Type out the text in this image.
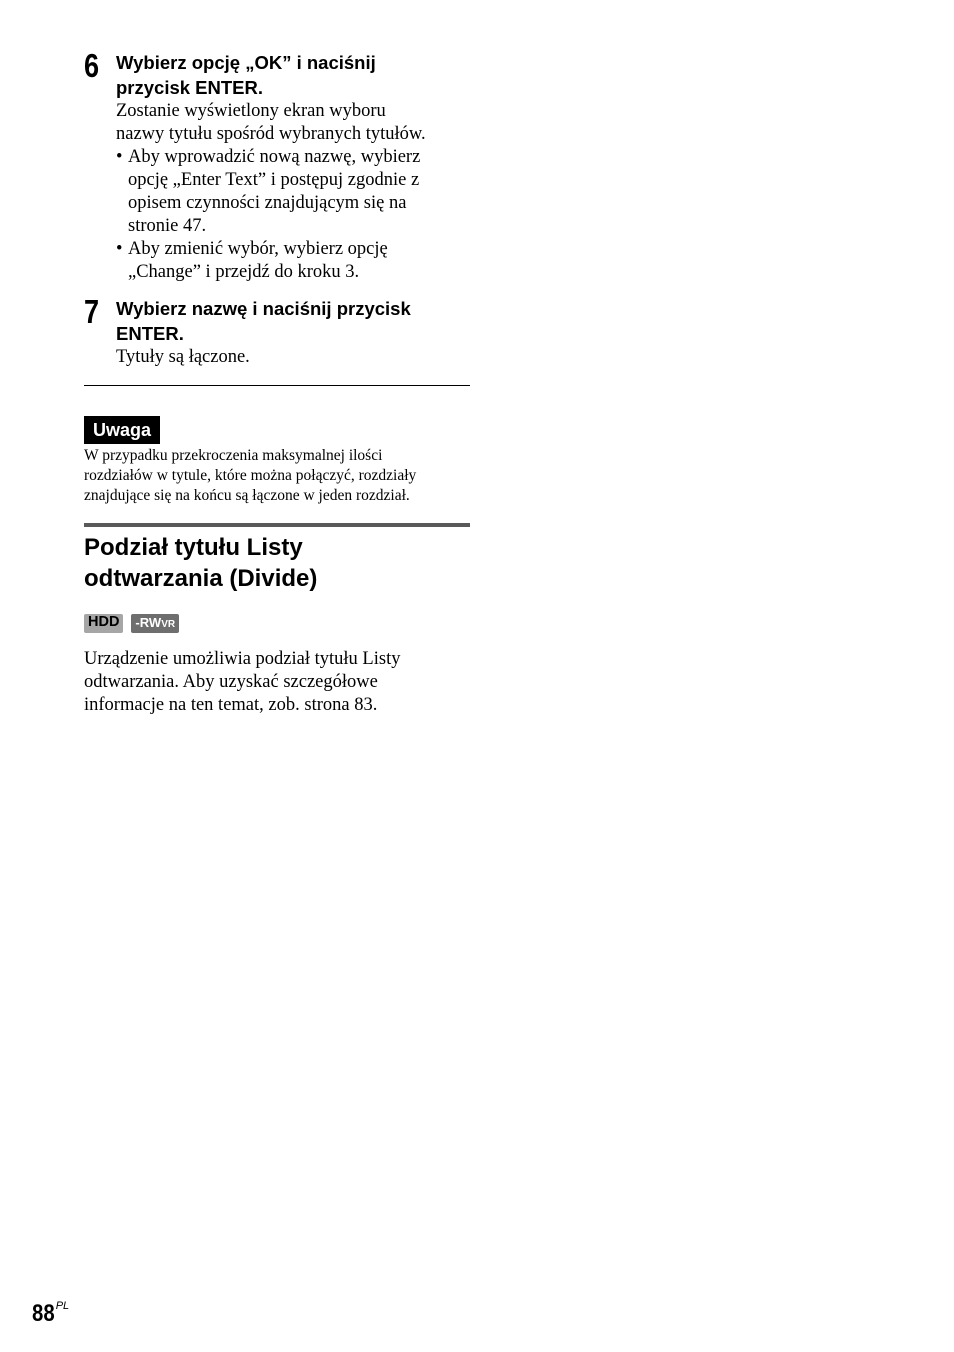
6 Wybierz opcję „OK” i naciśnij
przycisk ENTER.
Zostanie wyświetlony ekran wyboru
nazwy tytułu spośród wybranych tytułów.
• Aby wprowadzić nową nazwę, wybierz
opcję „Enter Text” i postępuj zgodnie z
opisem czynności znajdującym się na
stronie 47.
• Aby zmienić wybór, wybierz opcję
„Change” i przejdź do kroku 3.
7 Wybierz nazwę i naciśnij przycisk
ENTER.
Tytuły są łączone.
Uwaga
W przypadku przekroczenia maksymalnej ilości
rozdziałów w tytule, które można połączyć, rozdziały
znajdujące się na końcu są łączone w jeden rozdział.
Podział tytułu Listy
odtwarzania (Divide)
HDD	-RWVR
Urządzenie umożliwia podział tytułu Listy
odtwarzania. Aby uzyskać szczegółowe
informacje na ten temat, zob. strona 83.
$88^{PL}$
